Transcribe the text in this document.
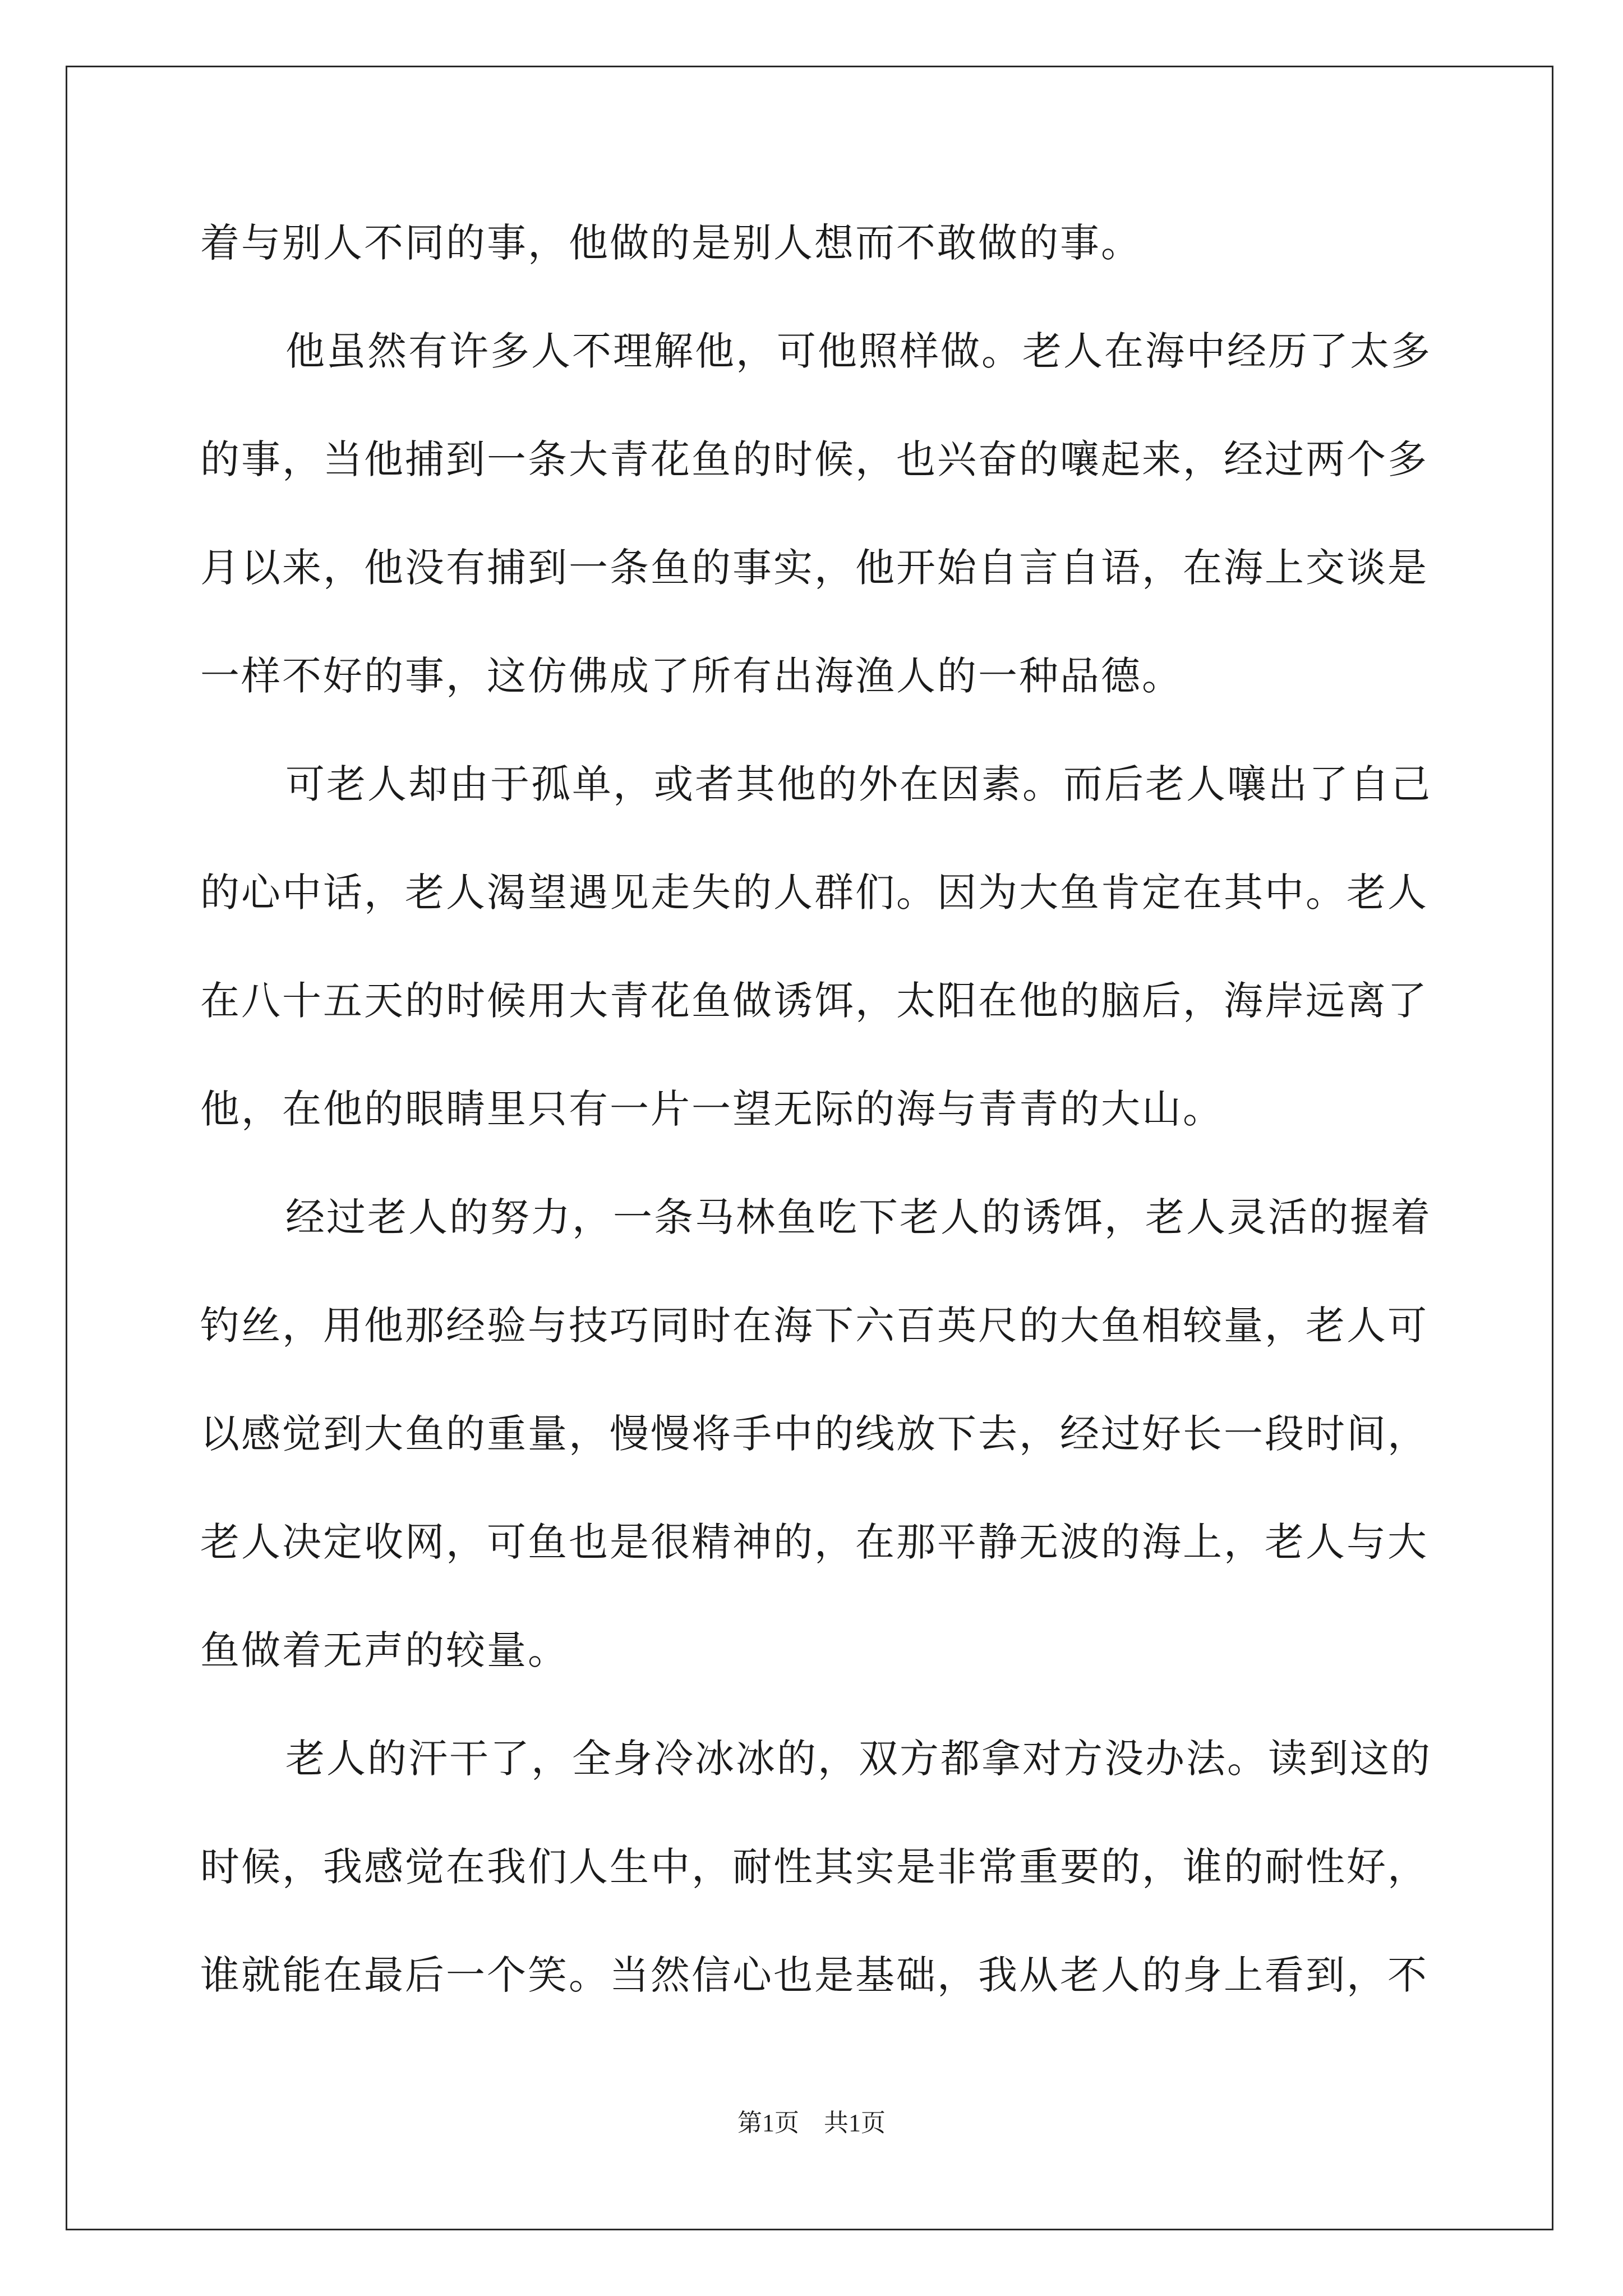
着与别人不同的事，他做的是别人想而不敢做的事。
他虽然有许多人不理解他，可他照样做。老人在海中经历了太多
的事，当他捕到一条大青花鱼的时候，也兴奋的嚷起来，经过两个多
月以来，他没有捕到一条鱼的事实，他开始自言自语，在海上交谈是
一样不好的事，这仿佛成了所有出海渔人的一种品德。
可老人却由于孤单，或者其他的外在因素。而后老人嚷出了自己
的心中话，老人渴望遇见走失的人群们。因为大鱼肯定在其中。老人
在八十五天的时候用大青花鱼做诱饵，太阳在他的脑后，海岸远离了
他，在他的眼睛里只有一片一望无际的海与青青的大山。
经过老人的努力，一条马林鱼吃下老人的诱饵，老人灵活的握着
钓丝，用他那经验与技巧同时在海下六百英尺的大鱼相较量，老人可
以感觉到大鱼的重量，慢慢将手中的线放下去，经过好长一段时间，
老人决定收网，可鱼也是很精神的，在那平静无波的海上，老人与大
鱼做着无声的较量。
老人的汗干了，全身冷冰冰的，双方都拿对方没办法。读到这的
时候，我感觉在我们人生中，耐性其实是非常重要的，谁的耐性好，
谁就能在最后一个笑。当然信心也是基础，我从老人的身上看到，不
第1页 共1页
